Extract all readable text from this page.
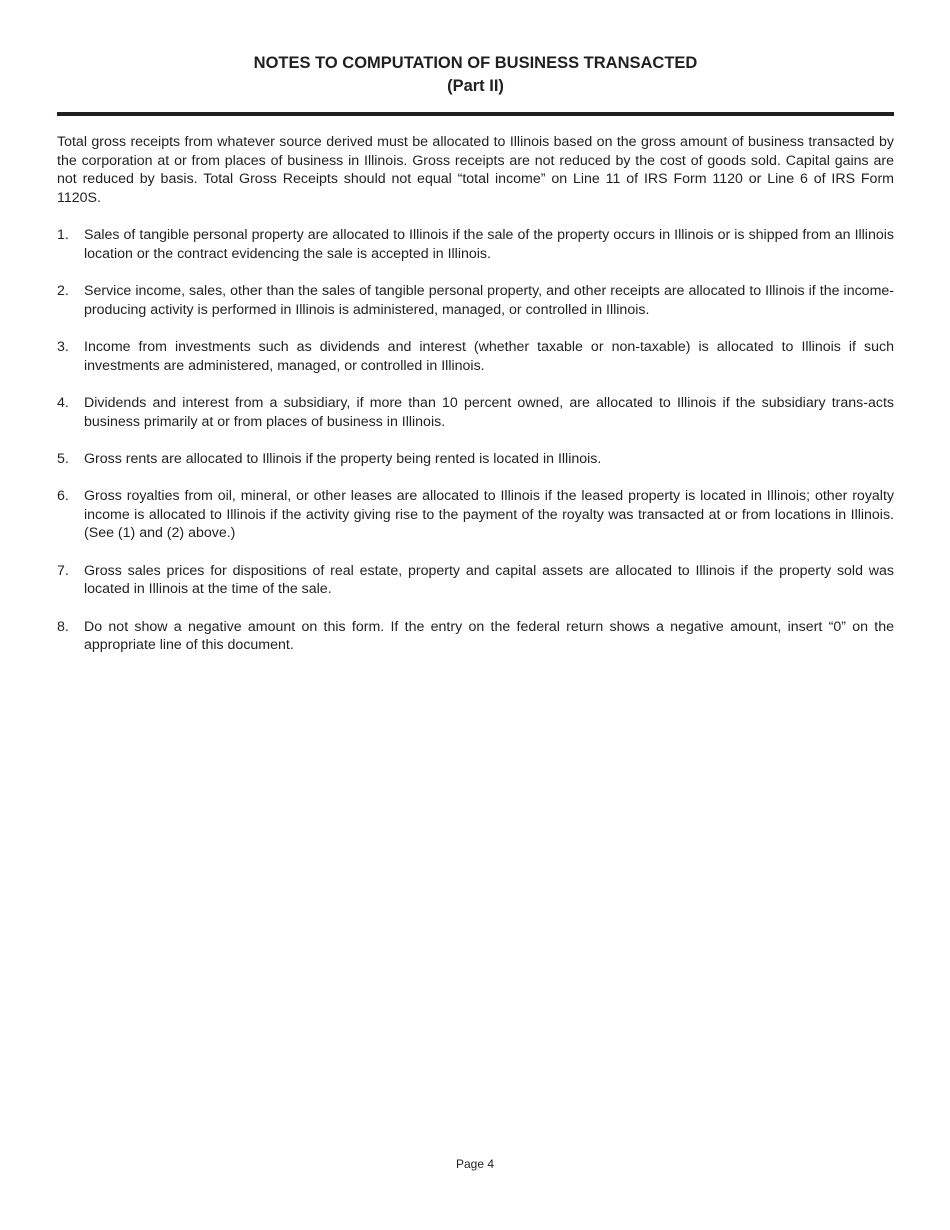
NOTES TO COMPUTATION OF BUSINESS TRANSACTED
(Part II)

Total gross receipts from whatever source derived must be allocated to Illinois based on the gross amount of business transacted by the corporation at or from places of business in Illinois. Gross receipts are not reduced by the cost of goods sold. Capital gains are not reduced by basis. Total Gross Receipts should not equal “total income” on Line 11 of IRS Form 1120 or Line 6 of IRS Form 1120S.

1. Sales of tangible personal property are allocated to Illinois if the sale of the property occurs in Illinois or is shipped from an Illinois location or the contract evidencing the sale is accepted in Illinois.
2. Service income, sales, other than the sales of tangible personal property, and other receipts are allocated to Illinois if the income-producing activity is performed in Illinois is administered, managed, or controlled in Illinois.
3. Income from investments such as dividends and interest (whether taxable or non-taxable) is allocated to Illinois if such investments are administered, managed, or controlled in Illinois.
4. Dividends and interest from a subsidiary, if more than 10 percent owned, are allocated to Illinois if the subsidiary trans-acts business primarily at or from places of business in Illinois.
5. Gross rents are allocated to Illinois if the property being rented is located in Illinois.
6. Gross royalties from oil, mineral, or other leases are allocated to Illinois if the leased property is located in Illinois; other royalty income is allocated to Illinois if the activity giving rise to the payment of the royalty was transacted at or from locations in Illinois. (See (1) and (2) above.)
7. Gross sales prices for dispositions of real estate, property and capital assets are allocated to Illinois if the property sold was located in Illinois at the time of the sale.
8. Do not show a negative amount on this form. If the entry on the federal return shows a negative amount, insert “0” on the appropriate line of this document.
Page 4
